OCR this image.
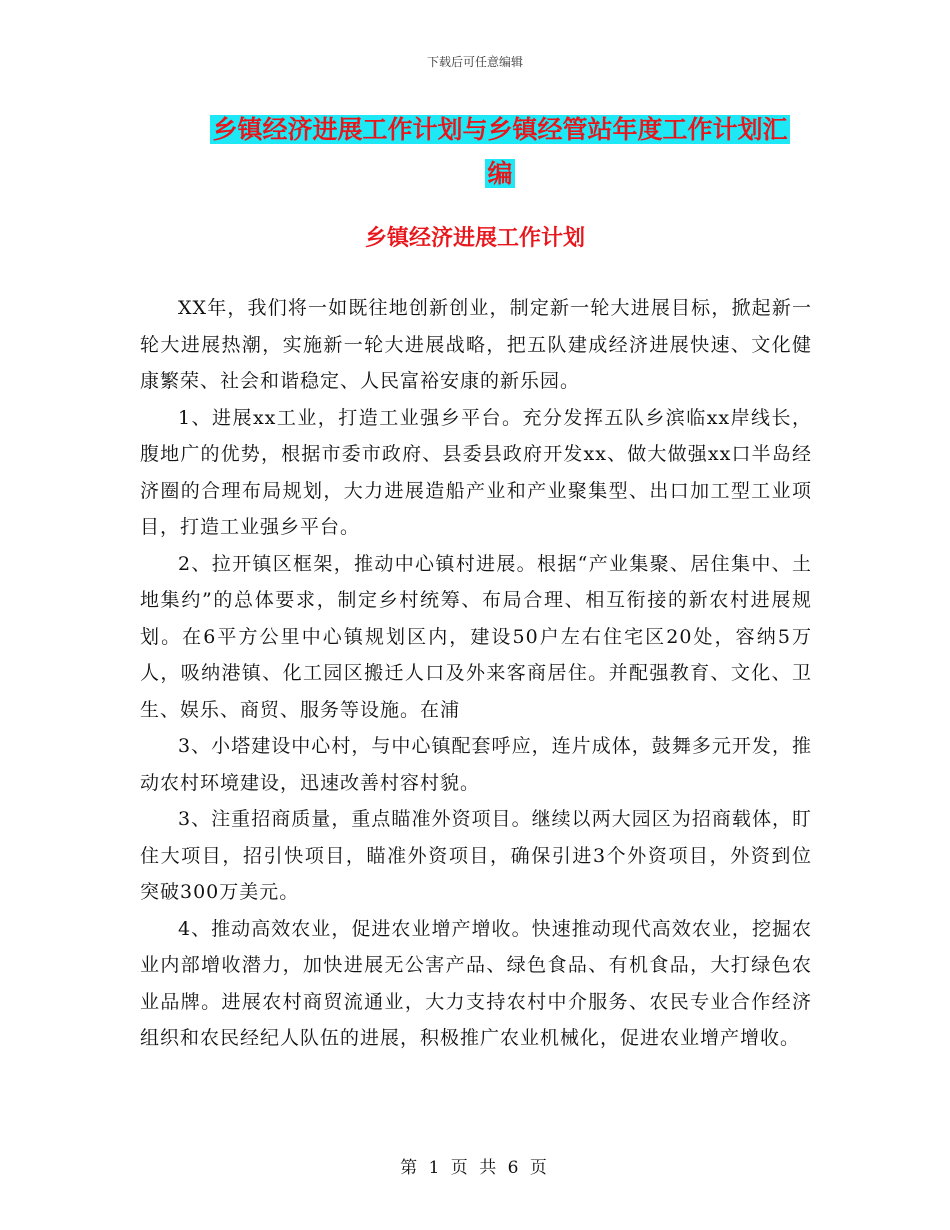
下载后可任意编辑
乡镇经济进展工作计划与乡镇经管站年度工作计划汇
编
乡镇经济进展工作计划

XX年，我们将一如既往地创新创业，制定新一轮大进展目标，掀起新一轮大进展热潮，实施新一轮大进展战略，把五队建成经济进展快速、文化健康繁荣、社会和谐稳定、人民富裕安康的新乐园。

1、进展xx工业，打造工业强乡平台。充分发挥五队乡滨临xx岸线长，腹地广的优势，根据市委市政府、县委县政府开发xx、做大做强xx口半岛经济圈的合理布局规划，大力进展造船产业和产业聚集型、出口加工型工业项目，打造工业强乡平台。

2、拉开镇区框架，推动中心镇村进展。根据“产业集聚、居住集中、土地集约”的总体要求，制定乡村统筹、布局合理、相互衔接的新农村进展规划。在6平方公里中心镇规划区内，建设50户左右住宅区20处，容纳5万人，吸纳港镇、化工园区搬迁人口及外来客商居住。并配强教育、文化、卫生、娱乐、商贸、服务等设施。在浦

3、小塔建设中心村，与中心镇配套呼应，连片成体，鼓舞多元开发，推动农村环境建设，迅速改善村容村貌。

3、注重招商质量，重点瞄准外资项目。继续以两大园区为招商载体，盯住大项目，招引快项目，瞄准外资项目，确保引进3个外资项目，外资到位突破300万美元。

4、推动高效农业，促进农业增产增收。快速推动现代高效农业，挖掘农业内部增收潜力，加快进展无公害产品、绿色食品、有机食品，大打绿色农业品牌。进展农村商贸流通业，大力支持农村中介服务、农民专业合作经济组织和农民经纪人队伍的进展，积极推广农业机械化，促进农业增产增收。

第 1 页 共 6 页
